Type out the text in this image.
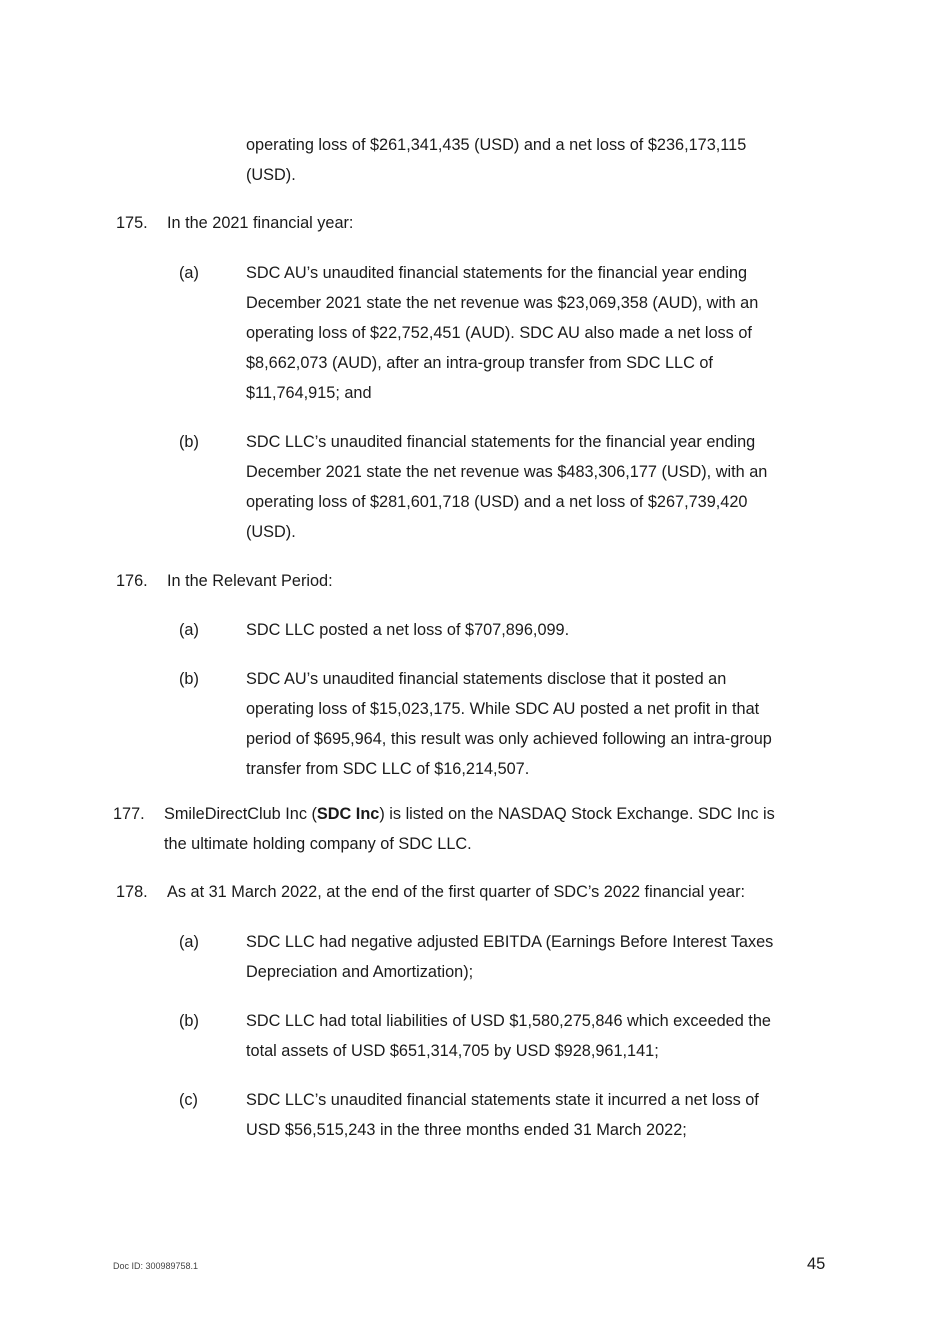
operating loss of $261,341,435 (USD) and a net loss of $236,173,115
(USD).
175. In the 2021 financial year:
(a)	SDC AU’s unaudited financial statements for the financial year ending
December 2021 state the net revenue was $23,069,358 (AUD), with an
operating loss of $22,752,451 (AUD). SDC AU also made a net loss of
$8,662,073 (AUD), after an intra-group transfer from SDC LLC of
$11,764,915; and
(b)	SDC LLC’s unaudited financial statements for the financial year ending
December 2021 state the net revenue was $483,306,177 (USD), with an
operating loss of $281,601,718 (USD) and a net loss of $267,739,420
(USD).
176. In the Relevant Period:
(a)	SDC LLC posted a net loss of $707,896,099.
(b)	SDC AU’s unaudited financial statements disclose that it posted an
operating loss of $15,023,175. While SDC AU posted a net profit in that
period of $695,964, this result was only achieved following an intra-group
transfer from SDC LLC of $16,214,507.
177. SmileDirectClub Inc (SDC Inc) is listed on the NASDAQ Stock Exchange. SDC Inc is
the ultimate holding company of SDC LLC.
178. As at 31 March 2022, at the end of the first quarter of SDC’s 2022 financial year:
(a)	SDC LLC had negative adjusted EBITDA (Earnings Before Interest Taxes
Depreciation and Amortization);
(b)	SDC LLC had total liabilities of USD $1,580,275,846 which exceeded the
total assets of USD $651,314,705 by USD $928,961,141;
(c)	SDC LLC’s unaudited financial statements state it incurred a net loss of
USD $56,515,243 in the three months ended 31 March 2022;
Doc ID: 300989758.1	45
